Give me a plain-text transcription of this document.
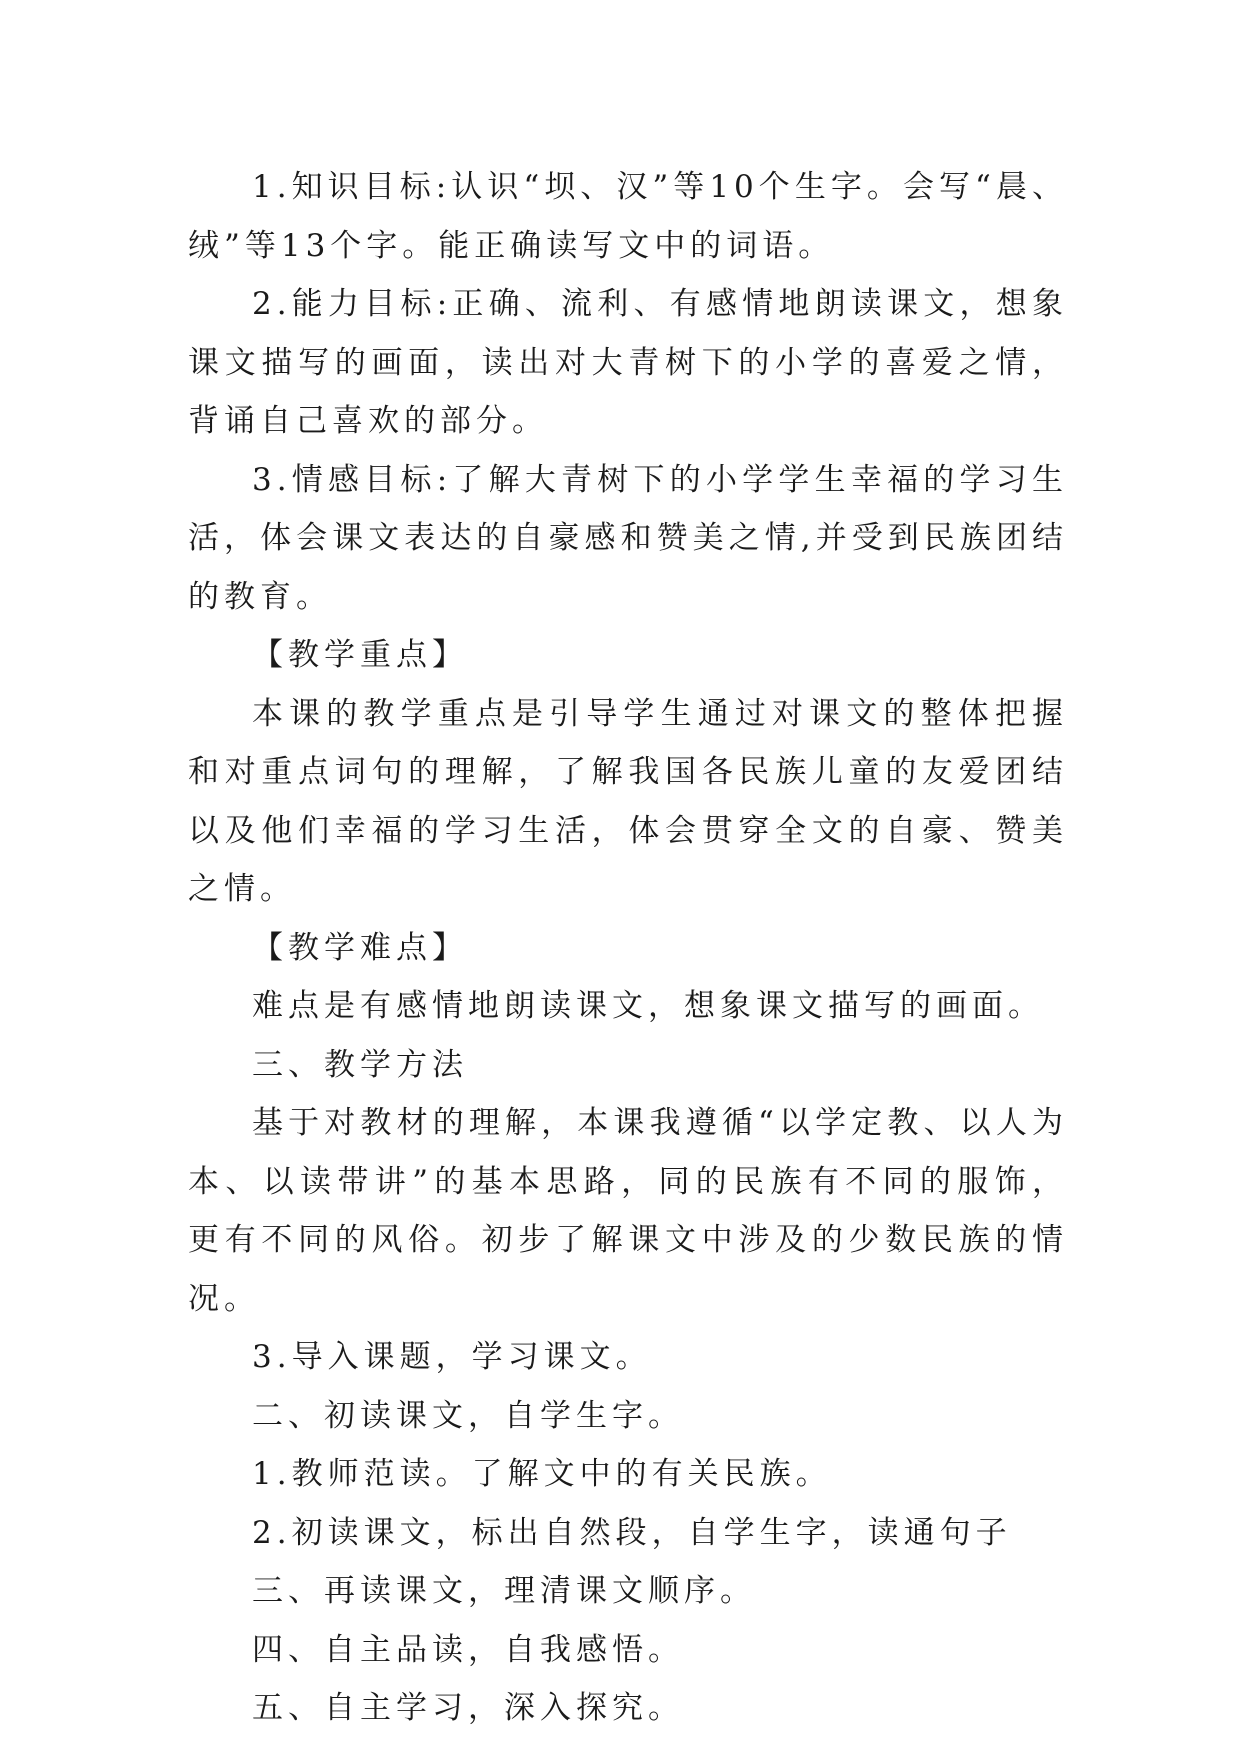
1.知识目标:认识“坝、汉”等10个生字。会写“晨、绒”等13个字。能正确读写文中的词语。

2.能力目标:正确、流利、有感情地朗读课文，想象课文描写的画面，读出对大青树下的小学的喜爱之情，背诵自己喜欢的部分。

3.情感目标:了解大青树下的小学学生幸福的学习生活，体会课文表达的自豪感和赞美之情,并受到民族团结的教育。

【教学重点】

本课的教学重点是引导学生通过对课文的整体把握和对重点词句的理解，了解我国各民族儿童的友爱团结以及他们幸福的学习生活，体会贯穿全文的自豪、赞美之情。

【教学难点】

难点是有感情地朗读课文，想象课文描写的画面。

三、教学方法

基于对教材的理解，本课我遵循“以学定教、以人为本、以读带讲”的基本思路，同的民族有不同的服饰，更有不同的风俗。初步了解课文中涉及的少数民族的情况。

3.导入课题，学习课文。

二、初读课文，自学生字。

1.教师范读。了解文中的有关民族。

2.初读课文，标出自然段，自学生字，读通句子

三、再读课文，理清课文顺序。

四、自主品读，自我感悟。

五、自主学习，深入探究。
